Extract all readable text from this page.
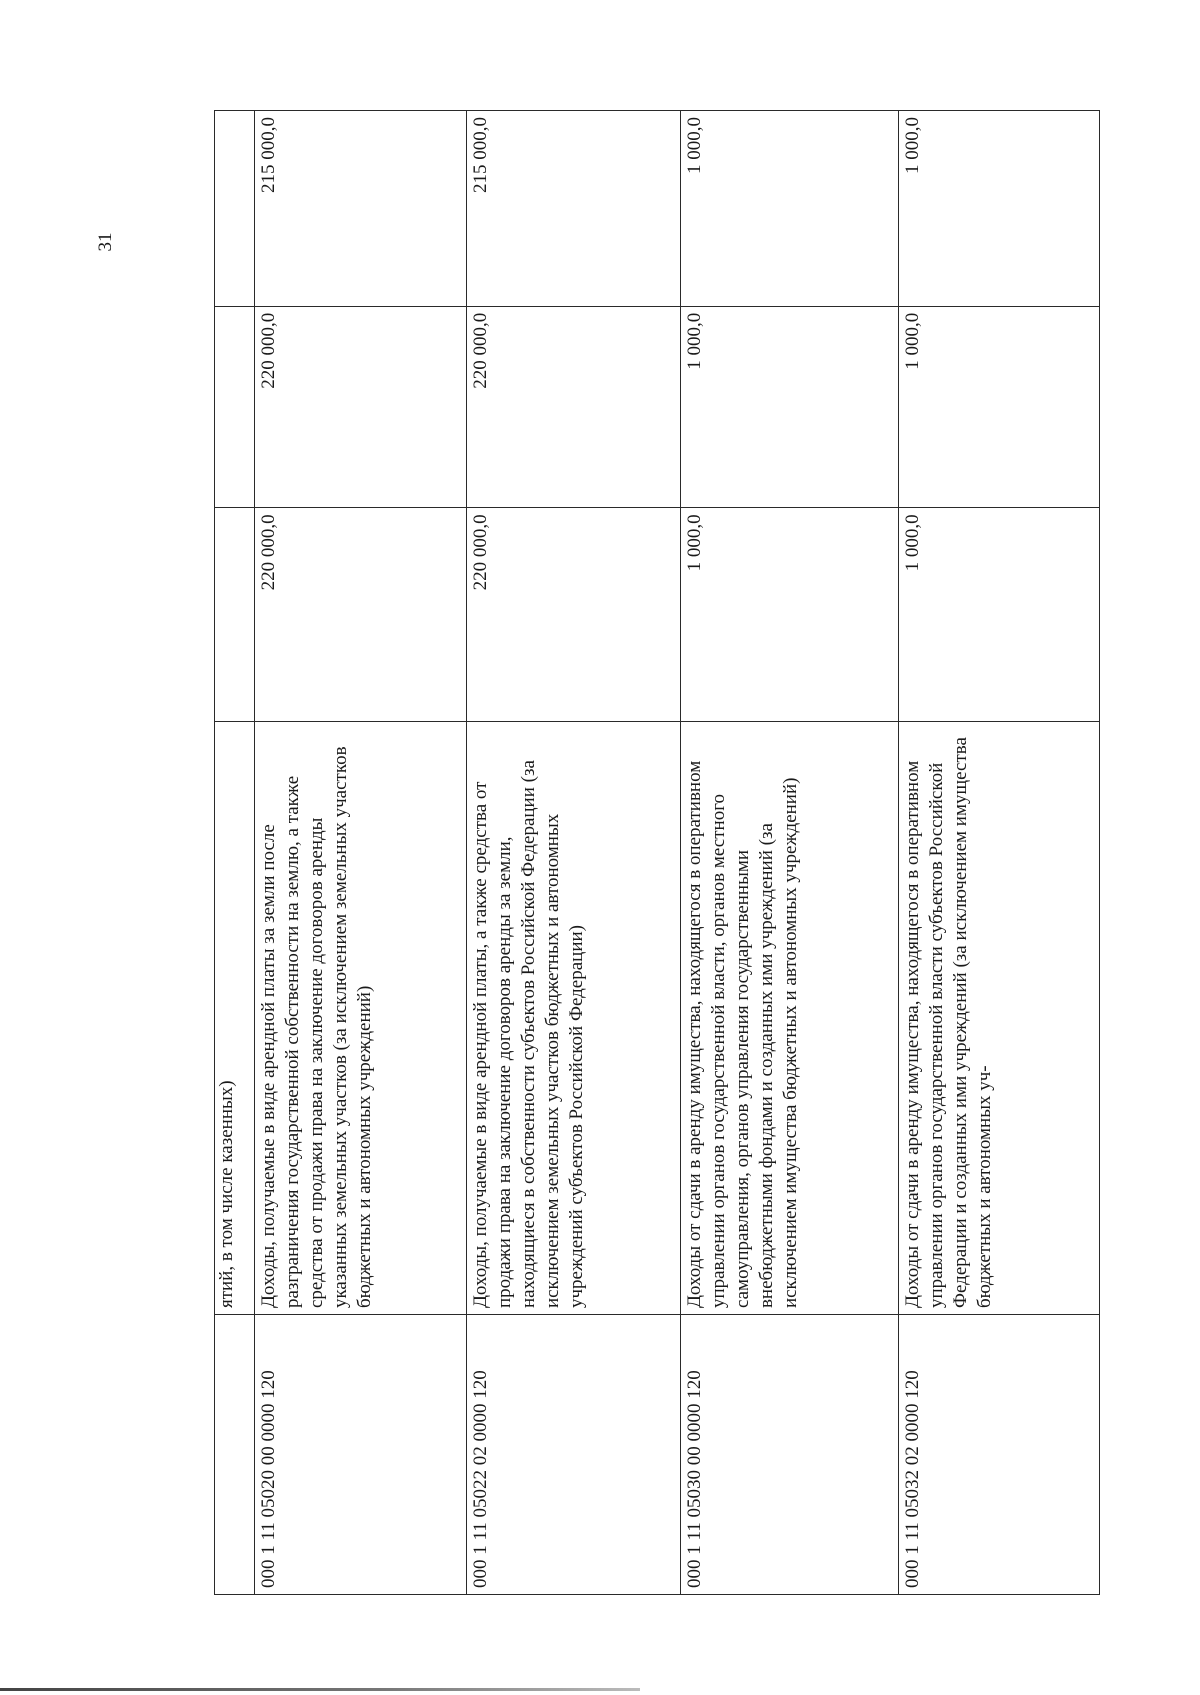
31
	ятий, в том числе казенных)			
000 1 11 05020 00 0000 120	Доходы, получаемые в виде арендной платы за земли после разграничения государственной собственности на землю, а также средства от продажи права на заключение договоров аренды указанных земельных участков (за исключением земельных участков бюджетных и автономных учреждений)	220 000,0	220 000,0	215 000,0
000 1 11 05022 02 0000 120	Доходы, получаемые в виде арендной платы, а также средства от продажи права на заключение договоров аренды за земли, находящиеся в собственности субъектов Российской Федерации (за исключением земельных участков бюджетных и автономных учреждений субъектов Российской Федерации)	220 000,0	220 000,0	215 000,0
000 1 11 05030 00 0000 120	Доходы от сдачи в аренду имущества, находящегося в оперативном управлении органов государственной власти, органов местного самоуправления, органов управления государственными внебюджетными фондами и созданных ими учреждений (за исключением имущества бюджетных и автономных учреждений)	1 000,0	1 000,0	1 000,0
000 1 11 05032 02 0000 120	Доходы от сдачи в аренду имущества, находящегося в оперативном управлении органов государственной власти субъектов Российской Федерации и созданных ими учреждений (за исключением имущества бюджетных и автономных уч-	1 000,0	1 000,0	1 000,0
